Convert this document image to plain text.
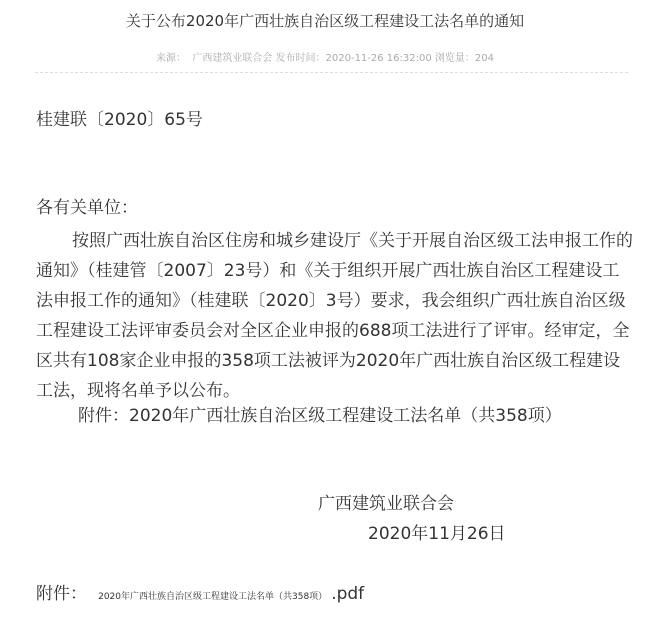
关于公布2020年广西壮族自治区级工程建设工法名单的通知
来源： 广西建筑业联合会 发布时间：2020-11-26 16:32:00 浏览量：204
桂建联〔2020〕65号
各有关单位：

按照广西壮族自治区住房和城乡建设厅《关于开展自治区级工法申报工作的通知》（桂建管〔2007〕23号）和《关于组织开展广西壮族自治区工程建设工法申报工作的通知》（桂建联〔2020〕3号）要求，我会组织广西壮族自治区级工程建设工法评审委员会对全区企业申报的688项工法进行了评审。经审定，全区共有108家企业申报的358项工法被评为2020年广西壮族自治区级工程建设工法，现将名单予以公布。

附件：2020年广西壮族自治区级工程建设工法名单（共358项）
广西建筑业联合会
2020年11月26日
附件： 2020年广西壮族自治区级工程建设工法名单（共358项） .pdf
